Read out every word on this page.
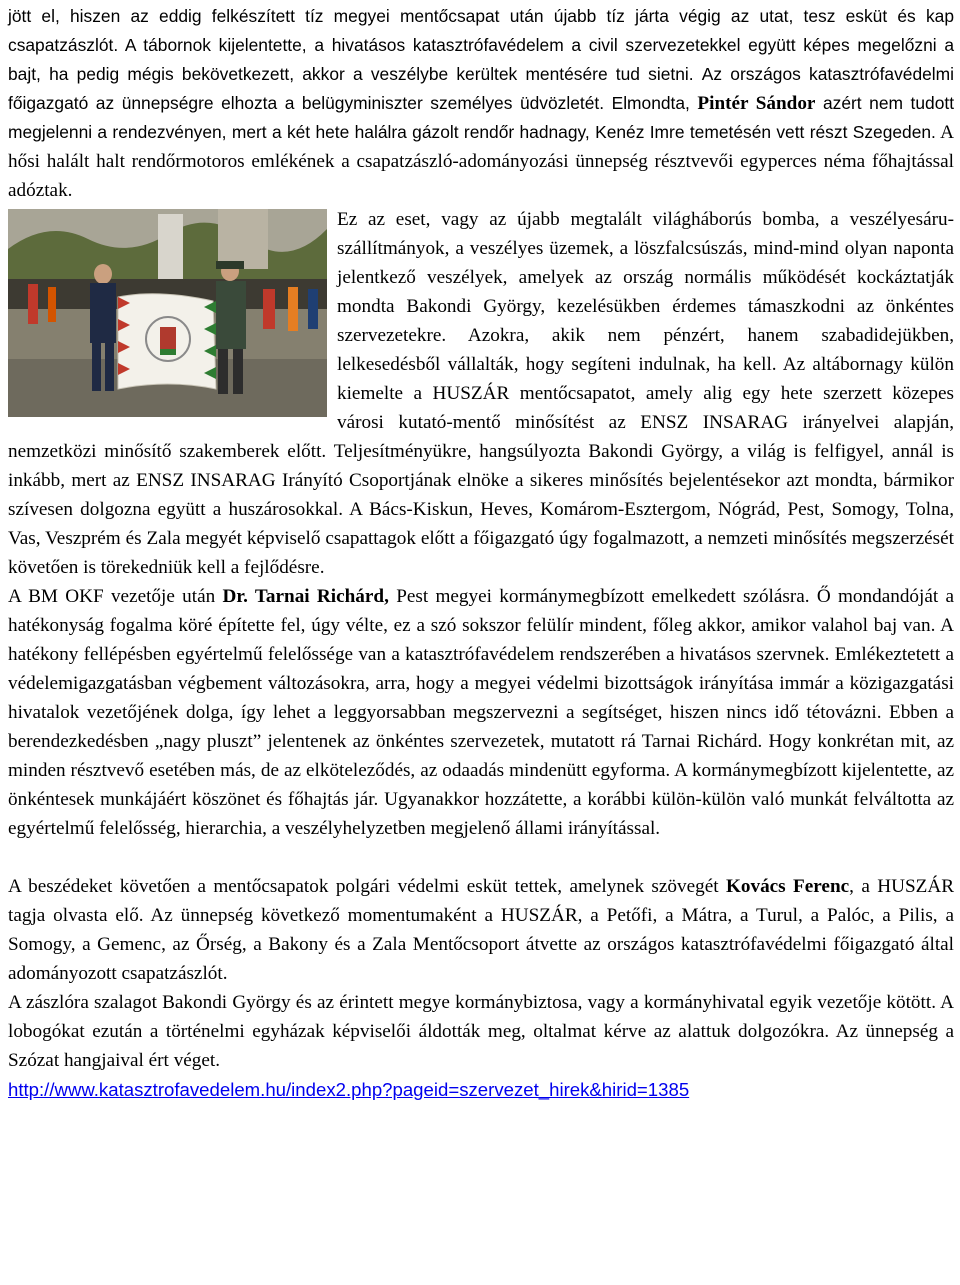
jött el, hiszen az eddig felkészített tíz megyei mentőcsapat után újabb tíz járta végig az utat, tesz esküt és kap csapatzászlót. A tábornok kijelentette, a hivatásos katasztrófavédelem a civil szervezetekkel együtt képes megelőzni a bajt, ha pedig mégis bekövetkezett, akkor a veszélybe kerültek mentésére tud sietni. Az országos katasztrófavédelmi főigazgató az ünnepségre elhozta a belügyminiszter személyes üdvözletét. Elmondta, Pintér Sándor azért nem tudott megjelenni a rendezvényen, mert a két hete halálra gázolt rendőr hadnagy, Kenéz Imre temetésén vett részt Szegeden. A hősi halált halt rendőrmotoros emlékének a csapatzászló-adományozási ünnepség résztvevői egyperces néma főhajtással adóztak.

Ez az eset, vagy az újabb megtalált világháborús bomba, a veszélyesáru-szállítmányok, a veszélyes üzemek, a löszfalcsúszás, mind-mind olyan naponta jelentkező veszélyek, amelyek az ország normális működését kockáztatják mondta Bakondi György, kezelésükben érdemes támaszkodni az önkéntes szervezetekre. Azokra, akik nem pénzért, hanem szabadidejükben, lelkesedésből vállalták, hogy segíteni indulnak, ha kell. Az altábornagy külön kiemelte a HUSZÁR mentőcsapatot, amely alig egy hete szerzett közepes városi kutató-mentő minősítést az ENSZ INSARAG irányelvei alapján, nemzetközi minősítő szakemberek előtt. Teljesítményükre, hangsúlyozta Bakondi György, a világ is felfigyel, annál is inkább, mert az ENSZ INSARAG Irányító Csoportjának elnöke a sikeres minősítés bejelentésekor azt mondta, bármikor szívesen dolgozna együtt a huszárosokkal. A Bács-Kiskun, Heves, Komárom-Esztergom, Nógrád, Pest, Somogy, Tolna, Vas, Veszprém és Zala megyét képviselő csapattagok előtt a főigazgató úgy fogalmazott, a nemzeti minősítés megszerzését követően is törekedniük kell a fejlődésre.

A BM OKF vezetője után Dr. Tarnai Richárd, Pest megyei kormánymegbízott emelkedett szólásra. Ő mondandóját a hatékonyság fogalma köré építette fel, úgy vélte, ez a szó sokszor felülír mindent, főleg akkor, amikor valahol baj van. A hatékony fellépésben egyértelmű felelőssége van a katasztrófavédelem rendszerében a hivatásos szervnek. Emlékeztetett a védelemigazgatásban végbement változásokra, arra, hogy a megyei védelmi bizottságok irányítása immár a közigazgatási hivatalok vezetőjének dolga, így lehet a leggyorsabban megszervezni a segítséget, hiszen nincs idő tétovázni. Ebben a berendezkedésben „nagy pluszt” jelentenek az önkéntes szervezetek, mutatott rá Tarnai Richárd. Hogy konkrétan mit, az minden résztvevő esetében más, de az elköteleződés, az odaadás mindenütt egyforma. A kormánymegbízott kijelentette, az önkéntesek munkájáért köszönet és főhajtás jár. Ugyanakkor hozzátette, a korábbi külön-külön való munkát felváltotta az egyértelmű felelősség, hierarchia, a veszélyhelyzetben megjelenő állami irányítással.

A beszédeket követően a mentőcsapatok polgári védelmi esküt tettek, amelynek szövegét Kovács Ferenc, a HUSZÁR tagja olvasta elő. Az ünnepség következő momentumaként a HUSZÁR, a Petőfi, a Mátra, a Turul, a Palóc, a Pilis, a Somogy, a Gemenc, az Őrség, a Bakony és a Zala Mentőcsoport átvette az országos katasztrófavédelmi főigazgató által adományozott csapatzászlót.

A zászlóra szalagot Bakondi György és az érintett megye kormánybiztosa, vagy a kormányhivatal egyik vezetője kötött. A lobogókat ezután a történelmi egyházak képviselői áldották meg, oltalmat kérve az alattuk dolgozókra. Az ünnepség a Szózat hangjaival ért véget.

http://www.katasztrofavedelem.hu/index2.php?pageid=szervezet_hirek&hirid=1385
